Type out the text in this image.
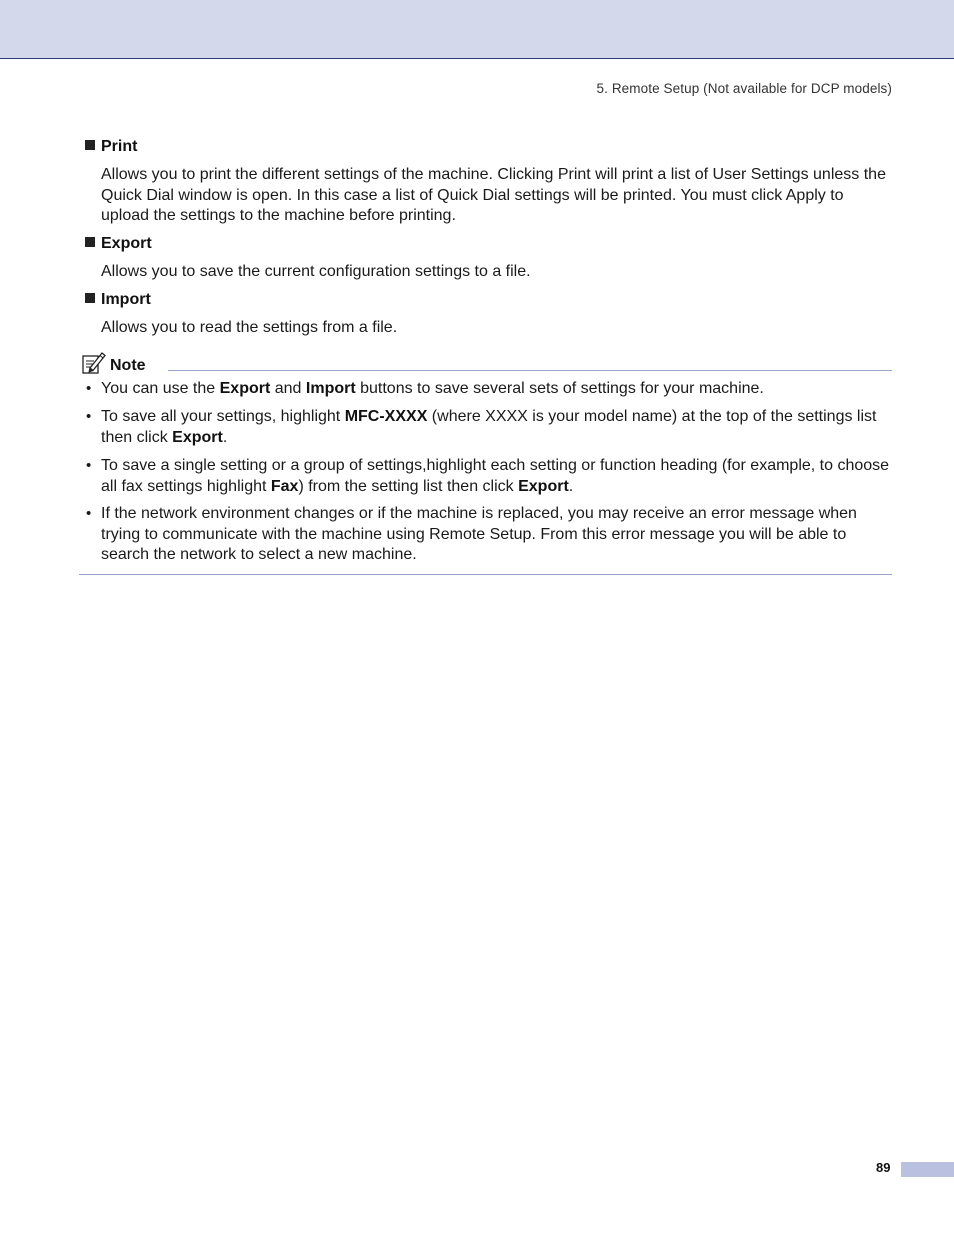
5. Remote Setup (Not available for DCP models)
Print
Allows you to print the different settings of the machine. Clicking Print will print a list of User Settings unless the Quick Dial window is open. In this case a list of Quick Dial settings will be printed. You must click Apply to upload the settings to the machine before printing.
Export
Allows you to save the current configuration settings to a file.
Import
Allows you to read the settings from a file.
Note
• You can use the Export and Import buttons to save several sets of settings for your machine.
• To save all your settings, highlight MFC-XXXX (where XXXX is your model name) at the top of the settings list then click Export.
• To save a single setting or a group of settings,highlight each setting or function heading (for example, to choose all fax settings highlight Fax) from the setting list then click Export.
• If the network environment changes or if the machine is replaced, you may receive an error message when trying to communicate with the machine using Remote Setup. From this error message you will be able to search the network to select a new machine.
89
